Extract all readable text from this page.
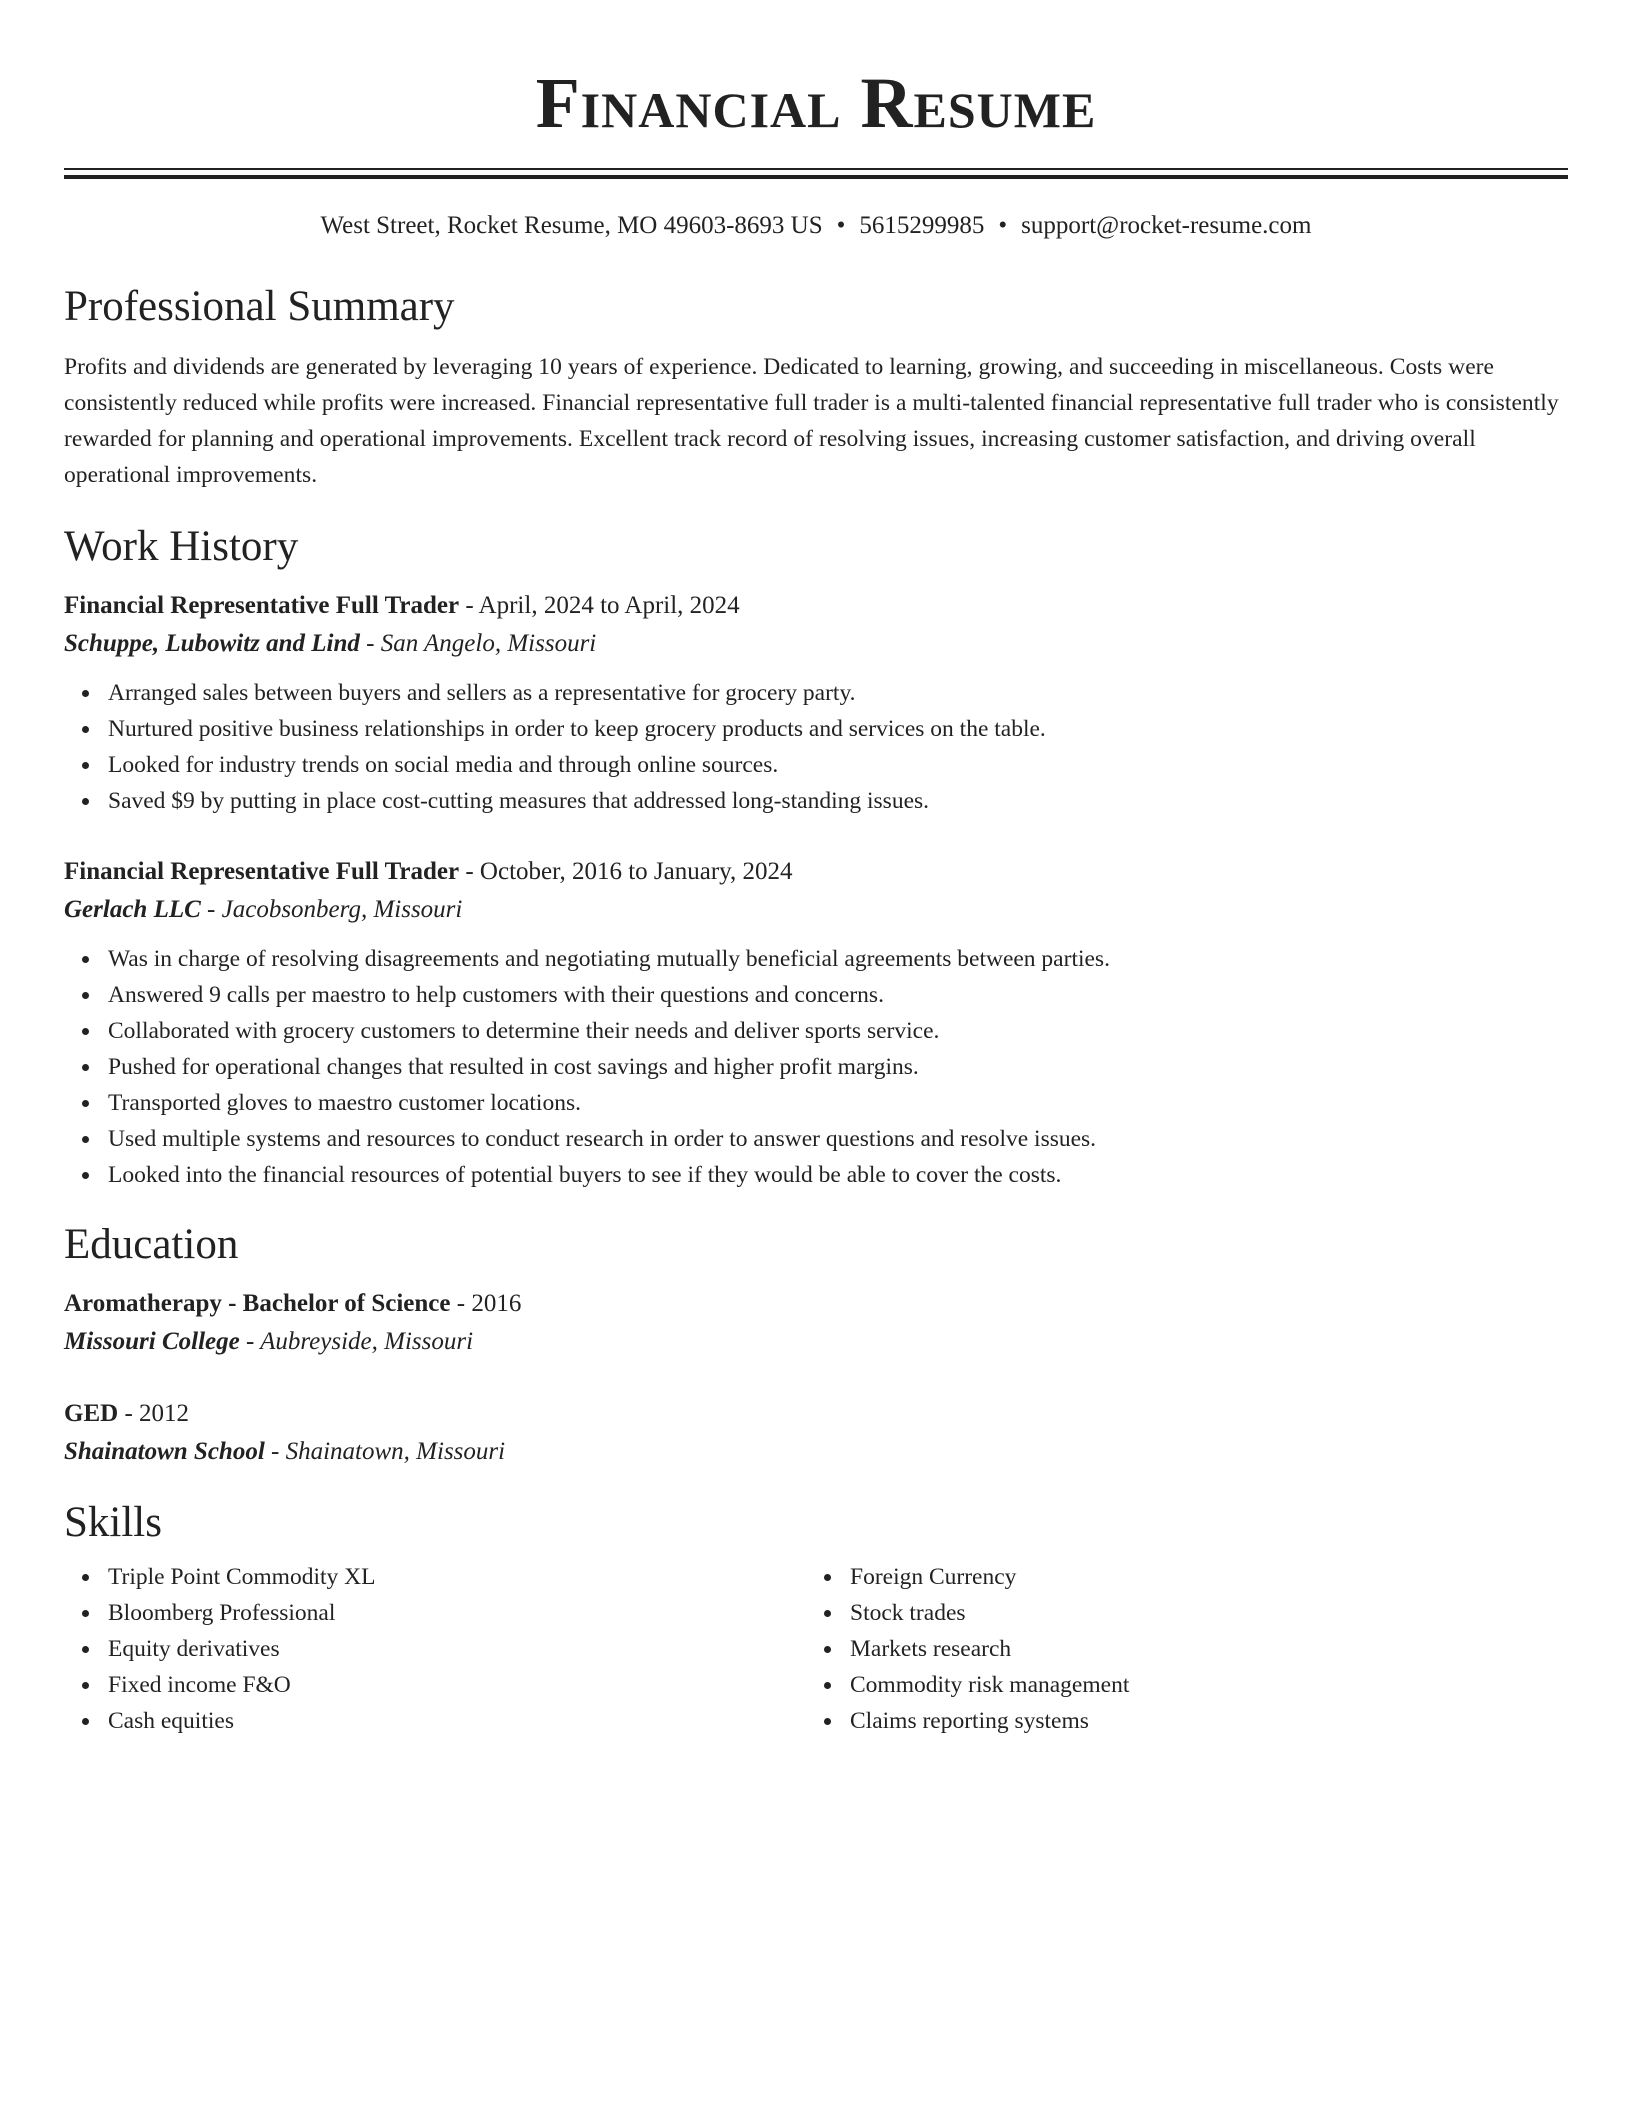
Financial Resume
West Street, Rocket Resume, MO 49603-8693 US • 5615299985 • support@rocket-resume.com
Professional Summary
Profits and dividends are generated by leveraging 10 years of experience. Dedicated to learning, growing, and succeeding in miscellaneous. Costs were consistently reduced while profits were increased. Financial representative full trader is a multi-talented financial representative full trader who is consistently rewarded for planning and operational improvements. Excellent track record of resolving issues, increasing customer satisfaction, and driving overall operational improvements.
Work History
Financial Representative Full Trader - April, 2024 to April, 2024
Schuppe, Lubowitz and Lind - San Angelo, Missouri
Arranged sales between buyers and sellers as a representative for grocery party.
Nurtured positive business relationships in order to keep grocery products and services on the table.
Looked for industry trends on social media and through online sources.
Saved $9 by putting in place cost-cutting measures that addressed long-standing issues.
Financial Representative Full Trader - October, 2016 to January, 2024
Gerlach LLC - Jacobsonberg, Missouri
Was in charge of resolving disagreements and negotiating mutually beneficial agreements between parties.
Answered 9 calls per maestro to help customers with their questions and concerns.
Collaborated with grocery customers to determine their needs and deliver sports service.
Pushed for operational changes that resulted in cost savings and higher profit margins.
Transported gloves to maestro customer locations.
Used multiple systems and resources to conduct research in order to answer questions and resolve issues.
Looked into the financial resources of potential buyers to see if they would be able to cover the costs.
Education
Aromatherapy - Bachelor of Science - 2016
Missouri College - Aubreyside, Missouri
GED - 2012
Shainatown School - Shainatown, Missouri
Skills
Triple Point Commodity XL
Bloomberg Professional
Equity derivatives
Fixed income F&O
Cash equities
Foreign Currency
Stock trades
Markets research
Commodity risk management
Claims reporting systems
